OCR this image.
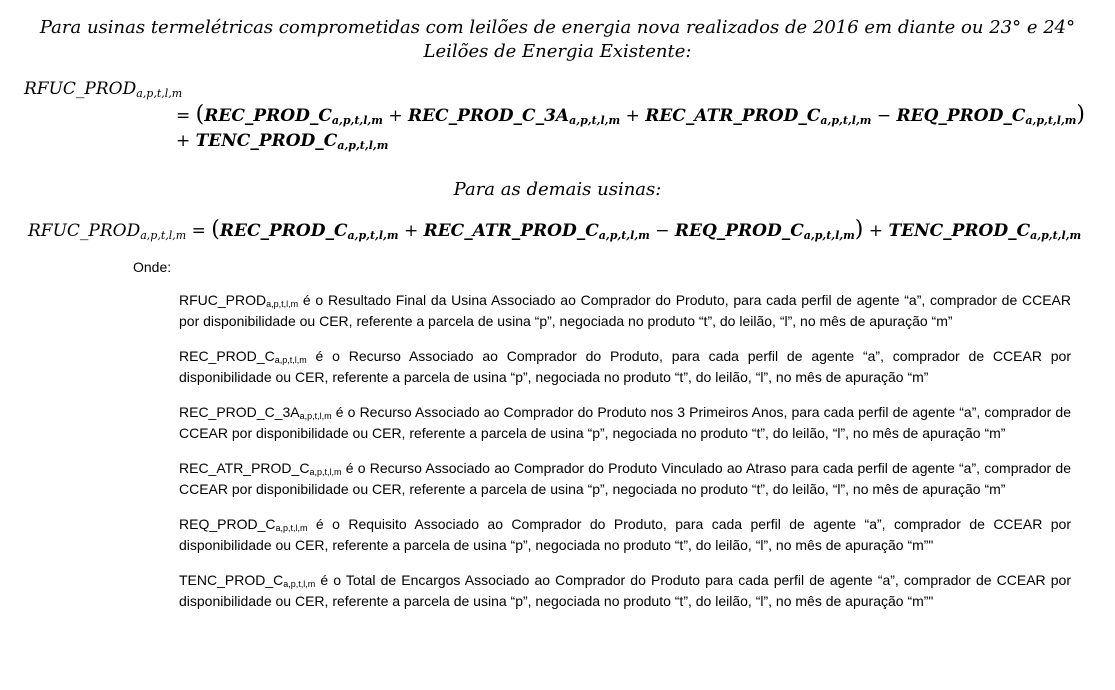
Para usinas termelétricas comprometidas com leilões de energia nova realizados de 2016 em diante ou 23° e 24° Leilões de Energia Existente:
$RFUC\_PROD_{a,p,t,l,m}$
= ($REC\_PROD\_C_{a,p,t,l,m}$ + $REC\_PROD\_C\_3A_{a,p,t,l,m}$ + $REC\_ATR\_PROD\_C_{a,p,t,l,m}$ − $REQ\_PROD\_C_{a,p,t,l,m}$)
+ $TENC\_PROD\_C_{a,p,t,l,m}$
Para as demais usinas:
$RFUC\_PROD_{a,p,t,l,m}$ = ($REC\_PROD\_C_{a,p,t,l,m}$ + $REC\_ATR\_PROD\_C_{a,p,t,l,m}$ − $REQ\_PROD\_C_{a,p,t,l,m}$) + $TENC\_PROD\_C_{a,p,t,l,m}$
Onde:

$RFUC\_PROD_{a,p,t,l,m}$ é o Resultado Final da Usina Associado ao Comprador do Produto, para cada perfil de agente “a”, comprador de CCEAR por disponibilidade ou CER, referente a parcela de usina “p”, negociada no produto “t”, do leilão, “l”, no mês de apuração “m”

$REC\_PROD\_C_{a,p,t,l,m}$ é o Recurso Associado ao Comprador do Produto, para cada perfil de agente “a”, comprador de CCEAR por disponibilidade ou CER, referente a parcela de usina “p”, negociada no produto “t”, do leilão, “l”, no mês de apuração “m”

$REC\_PROD\_C\_3A_{a,p,t,l,m}$ é o Recurso Associado ao Comprador do Produto nos 3 Primeiros Anos, para cada perfil de agente “a”, comprador de CCEAR por disponibilidade ou CER, referente a parcela de usina “p”, negociada no produto “t”, do leilão, “l”, no mês de apuração “m”

$REC\_ATR\_PROD\_C_{a,p,t,l,m}$ é o Recurso Associado ao Comprador do Produto Vinculado ao Atraso para cada perfil de agente “a”, comprador de CCEAR por disponibilidade ou CER, referente a parcela de usina “p”, negociada no produto “t”, do leilão, “l”, no mês de apuração “m”

$REQ\_PROD\_C_{a,p,t,l,m}$ é o Requisito Associado ao Comprador do Produto, para cada perfil de agente “a”, comprador de CCEAR por disponibilidade ou CER, referente a parcela de usina “p”, negociada no produto “t”, do leilão, “l”, no mês de apuração “m”"

$TENC\_PROD\_C_{a,p,t,l,m}$ é o Total de Encargos Associado ao Comprador do Produto para cada perfil de agente “a”, comprador de CCEAR por disponibilidade ou CER, referente a parcela de usina “p”, negociada no produto “t”, do leilão, “l”, no mês de apuração “m”"
